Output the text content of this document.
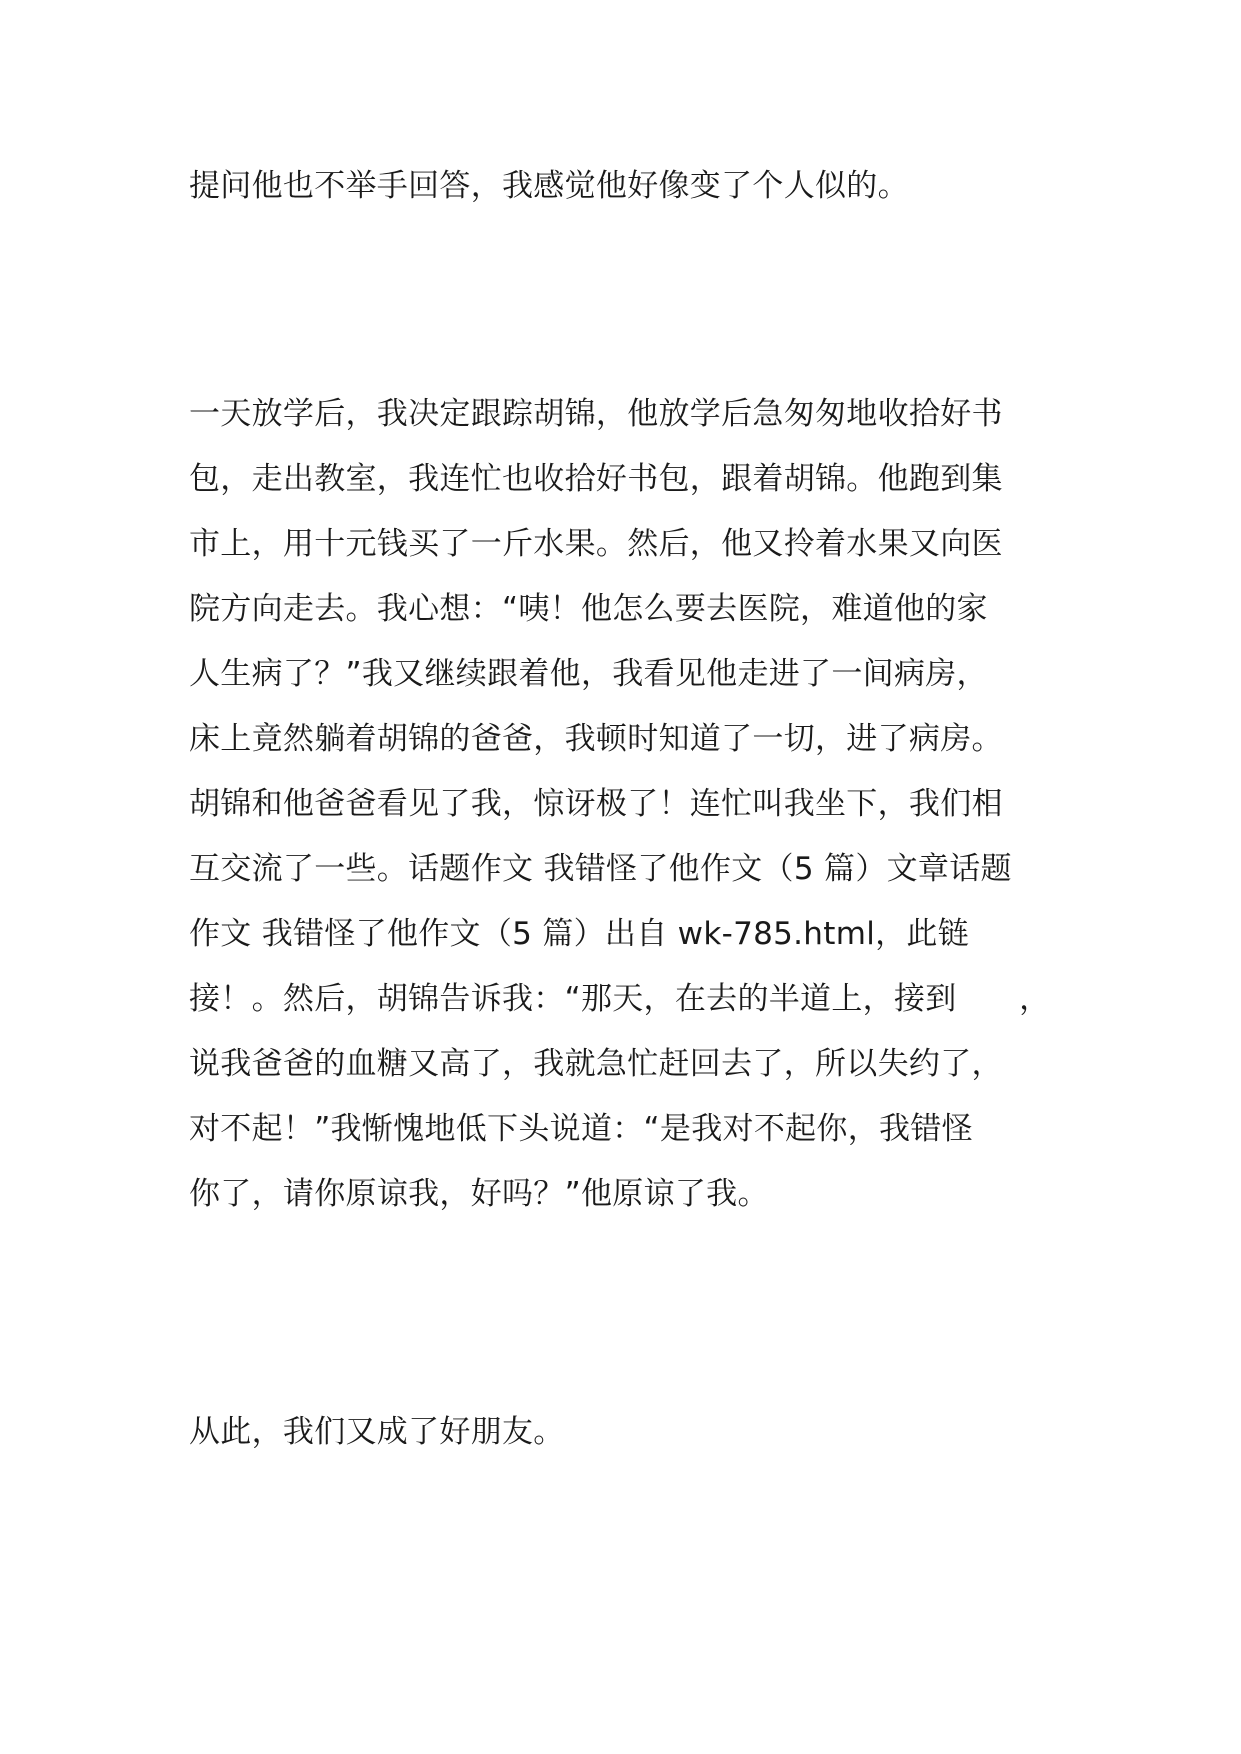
提问他也不举手回答，我感觉他好像变了个人似的。

一天放学后，我决定跟踪胡锦，他放学后急匆匆地收拾好书
包，走出教室，我连忙也收拾好书包，跟着胡锦。他跑到集
市上，用十元钱买了一斤水果。然后，他又拎着水果又向医
院方向走去。我心想：“咦！他怎么要去医院，难道他的家
人生病了？”我又继续跟着他，我看见他走进了一间病房，
床上竟然躺着胡锦的爸爸，我顿时知道了一切，进了病房。
胡锦和他爸爸看见了我，惊讶极了！连忙叫我坐下，我们相
互交流了一些。话题作文 我错怪了他作文（5 篇）文章话题
作文 我错怪了他作文（5 篇）出自 wk-785.html，此链
接！。然后，胡锦告诉我：“那天，在去的半道上，接到　　，
说我爸爸的血糖又高了，我就急忙赶回去了，所以失约了，
对不起！”我惭愧地低下头说道：“是我对不起你，我错怪
你了，请你原谅我，好吗？”他原谅了我。

从此，我们又成了好朋友。
